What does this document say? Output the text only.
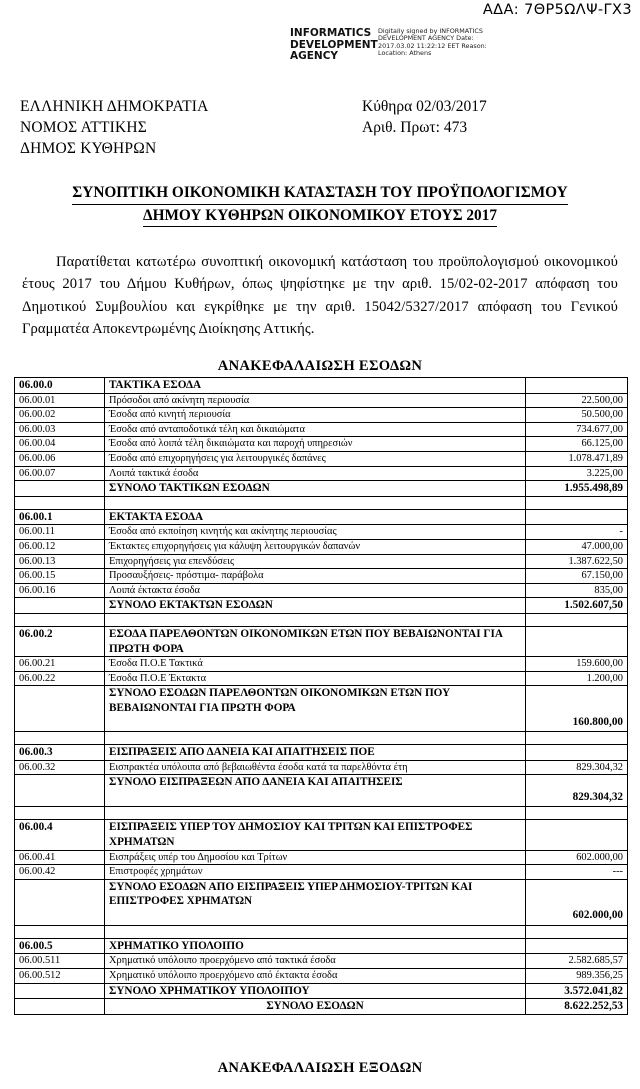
ΑΔΑ: 7ΘΡ5ΩΛΨ-ΓΧ3
INFORMATICS DEVELOPMENT AGENCY
Digitally signed by INFORMATICS DEVELOPMENT AGENCY Date: 2017.03.02 11:22:12 EET Reason: Location: Athens
ΕΛΛΗΝΙΚΗ ΔΗΜΟΚΡΑΤΙΑ
ΝΟΜΟΣ ΑΤΤΙΚΗΣ
ΔΗΜΟΣ ΚΥΘΗΡΩΝ
Κύθηρα 02/03/2017
Αριθ. Πρωτ: 473
ΣΥΝΟΠΤΙΚΗ ΟΙΚΟΝΟΜΙΚΗ ΚΑΤΑΣΤΑΣΗ ΤΟΥ ΠΡΟΫΠΟΛΟΓΙΣΜΟΥ
ΔΗΜΟΥ ΚΥΘΗΡΩΝ ΟΙΚΟΝΟΜΙΚΟΥ ΕΤΟΥΣ 2017

Παρατίθεται κατωτέρω συνοπτική οικονομική κατάσταση του προϋπολογισμού οικονομικού έτους 2017 του Δήμου Κυθήρων, όπως ψηφίστηκε με την αριθ. 15/02-02-2017 απόφαση του Δημοτικού Συμβουλίου και εγκρίθηκε με την αριθ. 15042/5327/2017 απόφαση του Γενικού Γραμματέα Αποκεντρωμένης Διοίκησης Αττικής.

ΑΝΑΚΕΦΑΛΑΙΩΣΗ ΕΣΟΔΩΝ
06.00.0	ΤΑΚΤΙΚΑ ΕΣΟΔΑ	
06.00.01	Πρόσοδοι από ακίνητη περιουσία	22.500,00
06.00.02	Έσοδα από κινητή περιουσία	50.500,00
06.00.03	Έσοδα από ανταποδοτικά τέλη και δικαιώματα	734.677,00
06.00.04	Έσοδα από λοιπά τέλη δικαιώματα και παροχή υπηρεσιών	66.125,00
06.00.06	Έσοδα από επιχορηγήσεις για λειτουργικές δαπάνες	1.078.471,89
06.00.07	Λοιπά τακτικά έσοδα	3.225,00
	ΣΥΝΟΛΟ ΤΑΚΤΙΚΩΝ ΕΣΟΔΩΝ	1.955.498,89

06.00.1	ΕΚΤΑΚΤΑ ΕΣΟΔΑ	
06.00.11	Έσοδα από εκποίηση κινητής και ακίνητης περιουσίας	-
06.00.12	Έκτακτες επιχορηγήσεις για κάλυψη λειτουργικών δαπανών	47.000,00
06.00.13	Επιχορηγήσεις για επενδύσεις	1.387.622,50
06.00.15	Προσαυξήσεις- πρόστιμα- παράβολα	67.150,00
06.00.16	Λοιπά έκτακτα έσοδα	835,00
	ΣΥΝΟΛΟ ΕΚΤΑΚΤΩΝ ΕΣΟΔΩΝ	1.502.607,50

06.00.2	ΕΣΟΔΑ ΠΑΡΕΛΘΟΝΤΩΝ ΟΙΚΟΝΟΜΙΚΩΝ ΕΤΩΝ ΠΟΥ ΒΕΒΑΙΩΝΟΝΤΑΙ ΓΙΑ ΠΡΩΤΗ ΦΟΡΑ	
06.00.21	Έσοδα Π.Ο.Ε Τακτικά	159.600,00
06.00.22	Έσοδα Π.Ο.Ε Έκτακτα	1.200,00
	ΣΥΝΟΛΟ ΕΣΟΔΩΝ ΠΑΡΕΛΘΟΝΤΩΝ ΟΙΚΟΝΟΜΙΚΩΝ ΕΤΩΝ ΠΟΥ ΒΕΒΑΙΩΝΟΝΤΑΙ ΓΙΑ ΠΡΩΤΗ ΦΟΡΑ	160.800,00

06.00.3	ΕΙΣΠΡΑΞΕΙΣ ΑΠΟ ΔΑΝΕΙΑ ΚΑΙ ΑΠΑΙΤΗΣΕΙΣ ΠΟΕ	
06.00.32	Εισπρακτέα υπόλοιπα από βεβαιωθέντα έσοδα κατά τα παρελθόντα έτη	829.304,32
	ΣΥΝΟΛΟ ΕΙΣΠΡΑΞΕΩΝ ΑΠΟ ΔΑΝΕΙΑ ΚΑΙ ΑΠΑΙΤΗΣΕΙΣ	829.304,32

06.00.4	ΕΙΣΠΡΑΞΕΙΣ ΥΠΕΡ ΤΟΥ ΔΗΜΟΣΙΟΥ ΚΑΙ ΤΡΙΤΩΝ ΚΑΙ ΕΠΙΣΤΡΟΦΕΣ ΧΡΗΜΑΤΩΝ	
06.00.41	Εισπράξεις υπέρ του Δημοσίου και Τρίτων	602.000,00
06.00.42	Επιστροφές χρημάτων	---
	ΣΥΝΟΛΟ ΕΣΟΔΩΝ ΑΠΟ ΕΙΣΠΡΑΞΕΙΣ ΥΠΕΡ ΔΗΜΟΣΙΟΥ-ΤΡΙΤΩΝ ΚΑΙ ΕΠΙΣΤΡΟΦΕΣ ΧΡΗΜΑΤΩΝ	602.000,00

06.00.5	ΧΡΗΜΑΤΙΚΟ ΥΠΟΛΟΙΠΟ	
06.00.511	Χρηματικό υπόλοιπο προερχόμενο από τακτικά έσοδα	2.582.685,57
06.00.512	Χρηματικό υπόλοιπο προερχόμενο από έκτακτα έσοδα	989.356,25
	ΣΥΝΟΛΟ ΧΡΗΜΑΤΙΚΟΥ ΥΠΟΛΟΙΠΟΥ	3.572.041,82
	ΣΥΝΟΛΟ ΕΣΟΔΩΝ	8.622.252,53
ΑΝΑΚΕΦΑΛΑΙΩΣΗ ΕΞΟΔΩΝ
